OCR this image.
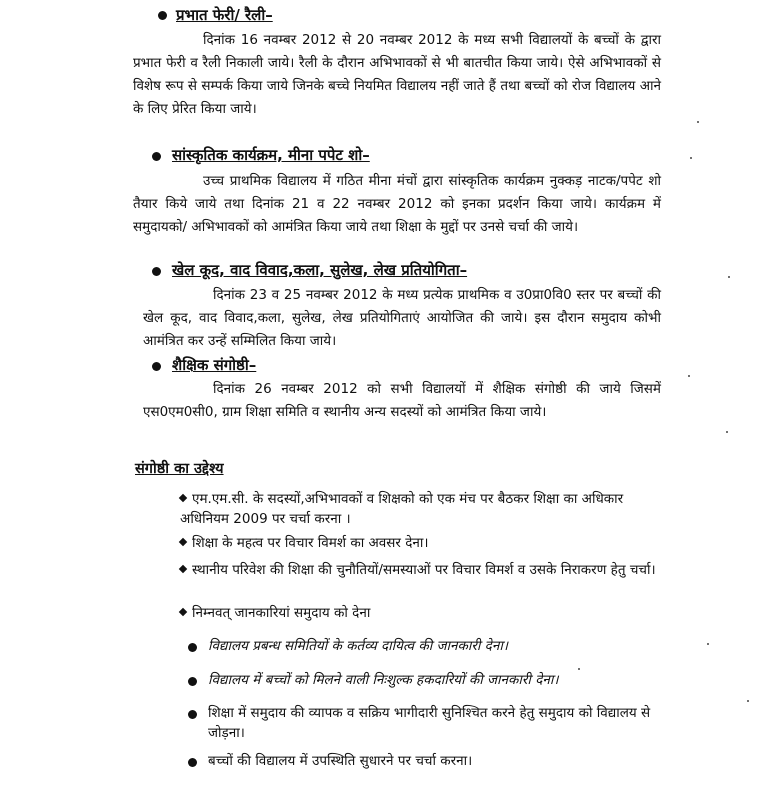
प्रभात फेरी/ रैली–
दिनांक 16 नवम्बर 2012 से 20 नवम्बर 2012 के मध्य सभी विद्यालयों के बच्चों के द्वारा प्रभात फेरी व रैली निकाली जाये। रैली के दौरान अभिभावकों से भी बातचीत किया जाये। ऐसे अभिभावकों से विशेष रूप से सम्पर्क किया जाये जिनके बच्चे नियमित विद्यालय नहीं जाते हैं तथा बच्चों को रोज विद्यालय आने के लिए प्रेरित किया जाये।
सांस्कृतिक कार्यक्रम, मीना पपेट शो–
उच्च प्राथमिक विद्यालय में गठित मीना मंचों द्वारा सांस्कृतिक कार्यक्रम नुक्कड़ नाटक/पपेट शो तैयार किये जाये तथा दिनांक 21 व 22 नवम्बर 2012 को इनका प्रदर्शन किया जाये। कार्यक्रम में समुदायको/ अभिभावकों को आमंत्रित किया जाये तथा शिक्षा के मुद्दों पर उनसे चर्चा की जाये।
खेल कूद, वाद विवाद,कला, सुलेख, लेख प्रतियोगिता–
दिनांक 23 व 25 नवम्बर 2012 के मध्य प्रत्येक प्राथमिक व उ0प्रा0वि0 स्तर पर बच्चों की खेल कूद, वाद विवाद,कला, सुलेख, लेख प्रतियोगिताएं आयोजित की जाये। इस दौरान समुदाय कोभी आमंत्रित कर उन्हें सम्मिलित किया जाये।
शैक्षिक संगोष्ठी–
दिनांक 26 नवम्बर 2012 को सभी विद्यालयों में शैक्षिक संगोष्ठी की जाये जिसमें एस0एम0सी0, ग्राम शिक्षा समिति व स्थानीय अन्य सदस्यों को आमंत्रित किया जाये।
संगोष्ठी का उद्देश्य
एम.एम.सी. के सदस्यों,अभिभावकों व शिक्षको को एक मंच पर बैठकर शिक्षा का अधिकार अधिनियम 2009 पर चर्चा करना ।
शिक्षा के महत्व पर विचार विमर्श का अवसर देना।
स्थानीय परिवेश की शिक्षा की चुनौतियों/समस्याओं पर विचार विमर्श व उसके निराकरण हेतु चर्चा।
निम्नवत् जानकारियां समुदाय को देना
विद्यालय प्रबन्ध समितियों के कर्तव्य दायित्व की जानकारी देना।
विद्यालय में बच्चों को मिलने वाली निःशुल्क हकदारियों की जानकारी देना।
शिक्षा में समुदाय की व्यापक व सक्रिय भागीदारी सुनिश्चित करने हेतु समुदाय को विद्यालय से जोड़ना।
बच्चों की विद्यालय में उपस्थिति सुधारने पर चर्चा करना।
